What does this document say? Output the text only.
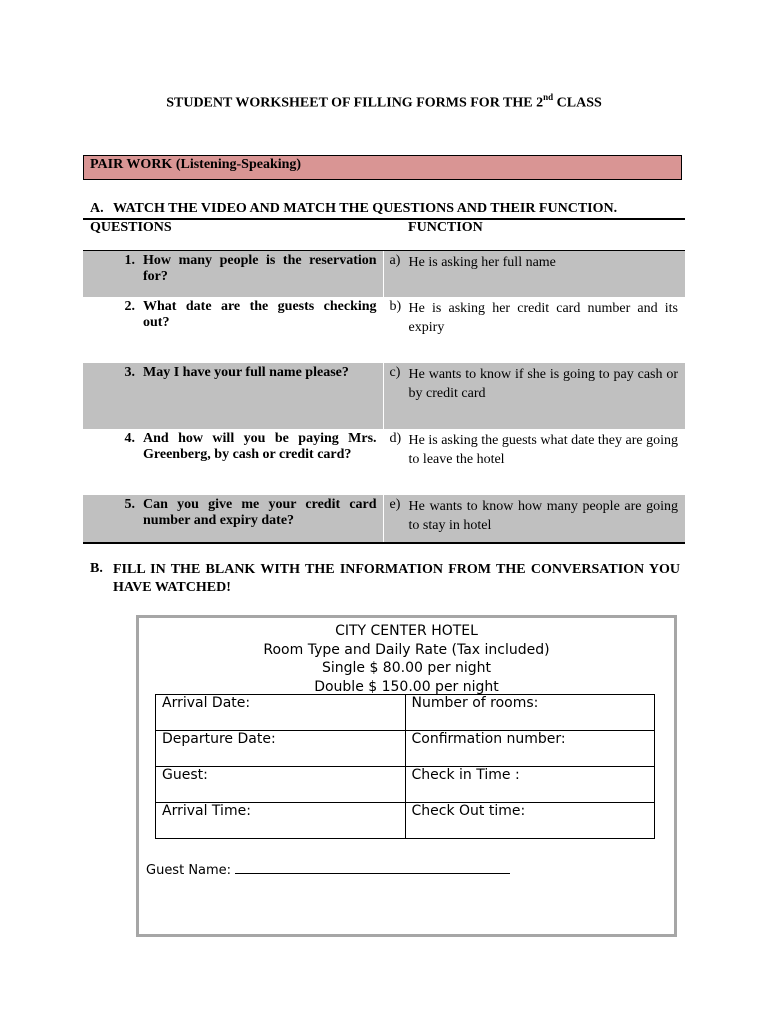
STUDENT WORKSHEET OF FILLING FORMS FOR THE 2nd CLASS
PAIR WORK (Listening-Speaking)
A. WATCH THE VIDEO AND MATCH THE QUESTIONS AND THEIR FUNCTION.
QUESTIONS	FUNCTION

1. How many people is the reservation for?	a) He is asking her full name

2. What date are the guests checking out?	b) He is asking her credit card number and its expiry

3. May I have your full name please?	c) He wants to know if she is going to pay cash or by credit card

4. And how will you be paying Mrs. Greenberg, by cash or credit card?	d) He is asking the guests what date they are going to leave the hotel

5. Can you give me your credit card number and expiry date?	e) He wants to know how many people are going to stay in hotel
B. FILL IN THE BLANK WITH THE INFORMATION FROM THE CONVERSATION YOU HAVE WATCHED!
CITY CENTER HOTEL
Room Type and Daily Rate (Tax included)
Single $ 80.00 per night
Double $ 150.00 per night
Arrival Date:	Number of rooms:
Departure Date:	Confirmation number:
Guest:	Check in Time :
Arrival Time:	Check Out time:
Guest Name:
